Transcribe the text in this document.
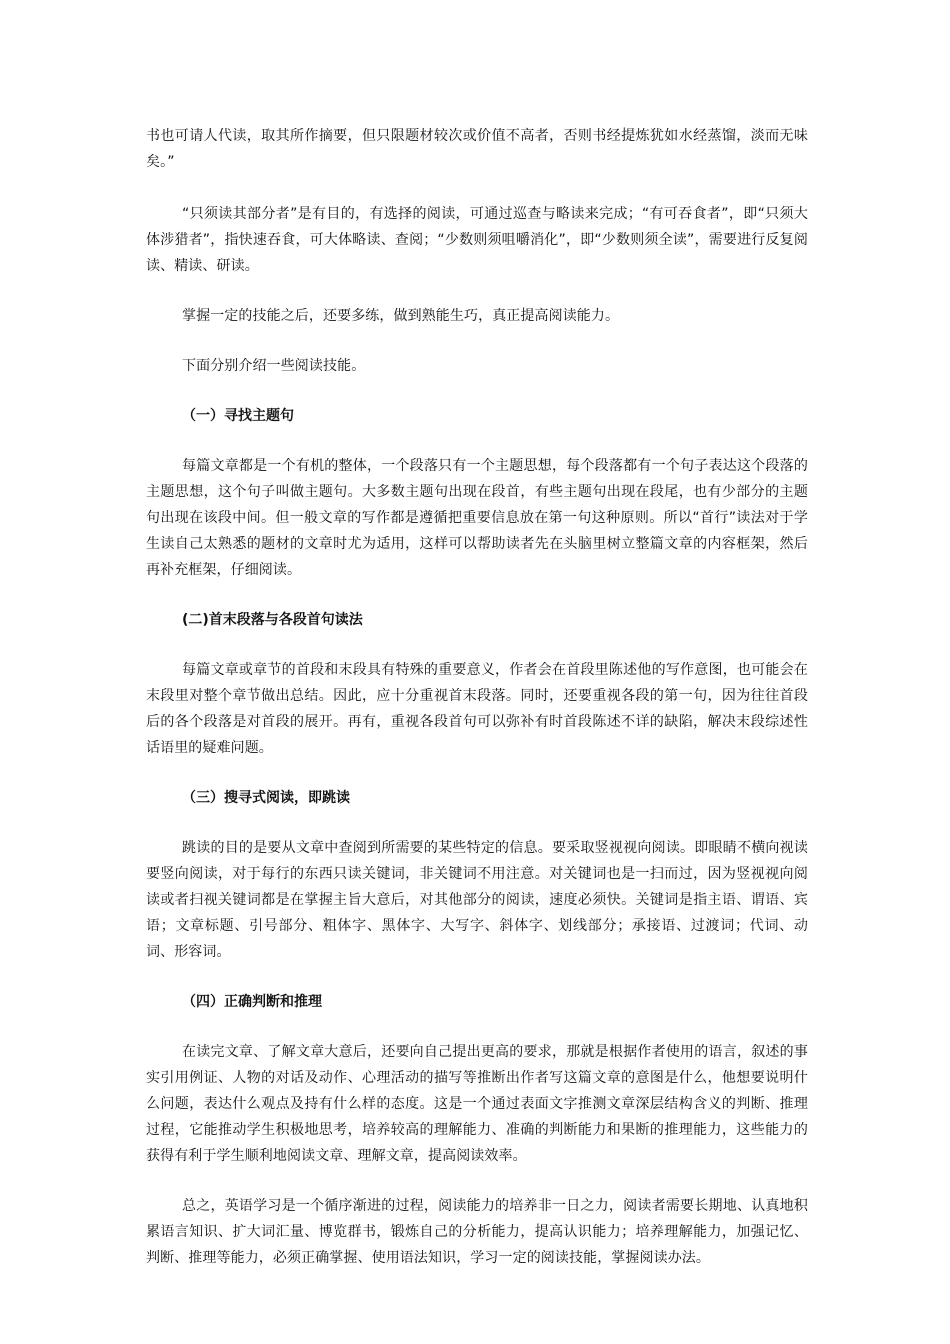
书也可请人代读，取其所作摘要，但只限题材较次或价值不高者，否则书经提炼犹如水经蒸馏，淡而无味矣。”

“只须读其部分者”是有目的，有选择的阅读，可通过巡查与略读来完成；“有可吞食者”，即“只须大体涉猎者”，指快速吞食，可大体略读、查阅；“少数则须咀嚼消化”，即“少数则须全读”，需要进行反复阅读、精读、研读。

掌握一定的技能之后，还要多练，做到熟能生巧，真正提高阅读能力。

下面分别介绍一些阅读技能。

（一）寻找主题句

每篇文章都是一个有机的整体，一个段落只有一个主题思想，每个段落都有一个句子表达这个段落的主题思想，这个句子叫做主题句。大多数主题句出现在段首，有些主题句出现在段尾，也有少部分的主题句出现在该段中间。但一般文章的写作都是遵循把重要信息放在第一句这种原则。所以“首行”读法对于学生读自己太熟悉的题材的文章时尤为适用，这样可以帮助读者先在头脑里树立整篇文章的内容框架，然后再补充框架，仔细阅读。

(二)首末段落与各段首句读法

每篇文章或章节的首段和末段具有特殊的重要意义，作者会在首段里陈述他的写作意图，也可能会在末段里对整个章节做出总结。因此，应十分重视首末段落。同时，还要重视各段的第一句，因为往往首段后的各个段落是对首段的展开。再有，重视各段首句可以弥补有时首段陈述不详的缺陷，解决末段综述性话语里的疑难问题。

（三）搜寻式阅读，即跳读

跳读的目的是要从文章中查阅到所需要的某些特定的信息。要采取竖视视向阅读。即眼睛不横向视读要竖向阅读，对于每行的东西只读关键词，非关键词不用注意。对关键词也是一扫而过，因为竖视视向阅读或者扫视关键词都是在掌握主旨大意后，对其他部分的阅读，速度必须快。关键词是指主语、谓语、宾语；文章标题、引号部分、粗体字、黑体字、大写字、斜体字、划线部分；承接语、过渡词；代词、动词、形容词。

（四）正确判断和推理

在读完文章、了解文章大意后，还要向自己提出更高的要求，那就是根据作者使用的语言，叙述的事实引用例证、人物的对话及动作、心理活动的描写等推断出作者写这篇文章的意图是什么，他想要说明什么问题，表达什么观点及持有什么样的态度。这是一个通过表面文字推测文章深层结构含义的判断、推理过程，它能推动学生积极地思考，培养较高的理解能力、准确的判断能力和果断的推理能力，这些能力的获得有利于学生顺利地阅读文章、理解文章，提高阅读效率。

总之，英语学习是一个循序渐进的过程，阅读能力的培养非一日之力，阅读者需要长期地、认真地积累语言知识、扩大词汇量、博览群书，锻炼自己的分析能力，提高认识能力；培养理解能力，加强记忆、判断、推理等能力，必须正确掌握、使用语法知识，学习一定的阅读技能，掌握阅读办法。
